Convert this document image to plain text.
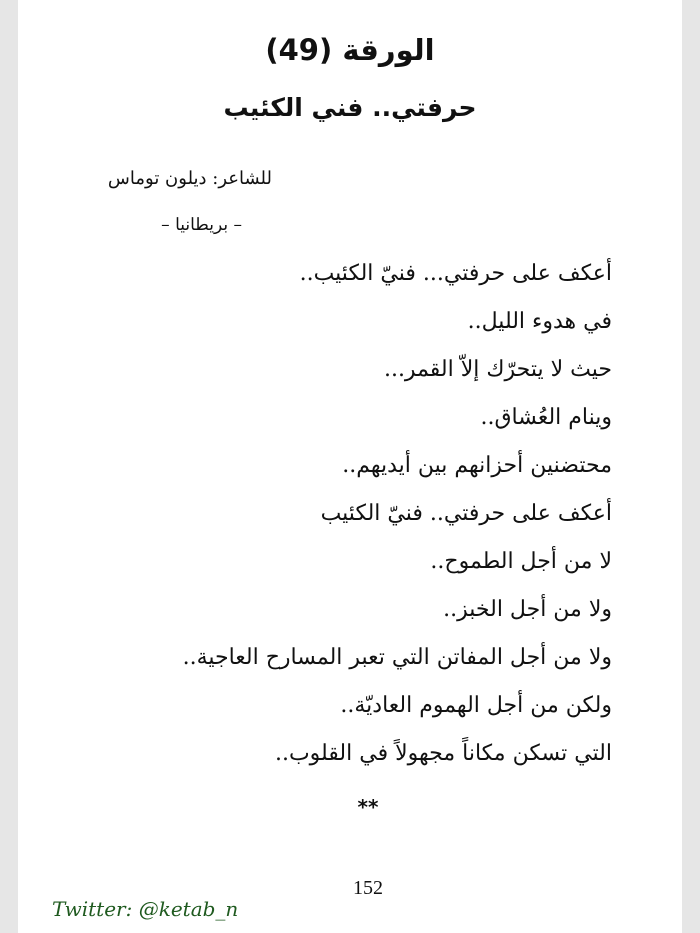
الورقة (49)
حرفتي.. فني الكئيب
للشاعر: ديلون توماس
– بريطانيا –
أعكف على حرفتي... فنيّ الكئيب..
في هدوء الليل..
حيث لا يتحرّك إلاّ القمر...
وينام العُشاق..
محتضنين أحزانهم بين أيديهم..
أعكف على حرفتي.. فنيّ الكئيب
لا من أجل الطموح..
ولا من أجل الخبز..
ولا من أجل المفاتن التي تعبر المسارح العاجية..
ولكن من أجل الهموم العاديّة..
التي تسكن مكاناً مجهولاً في القلوب..
**
152
Twitter: @ketab_n
